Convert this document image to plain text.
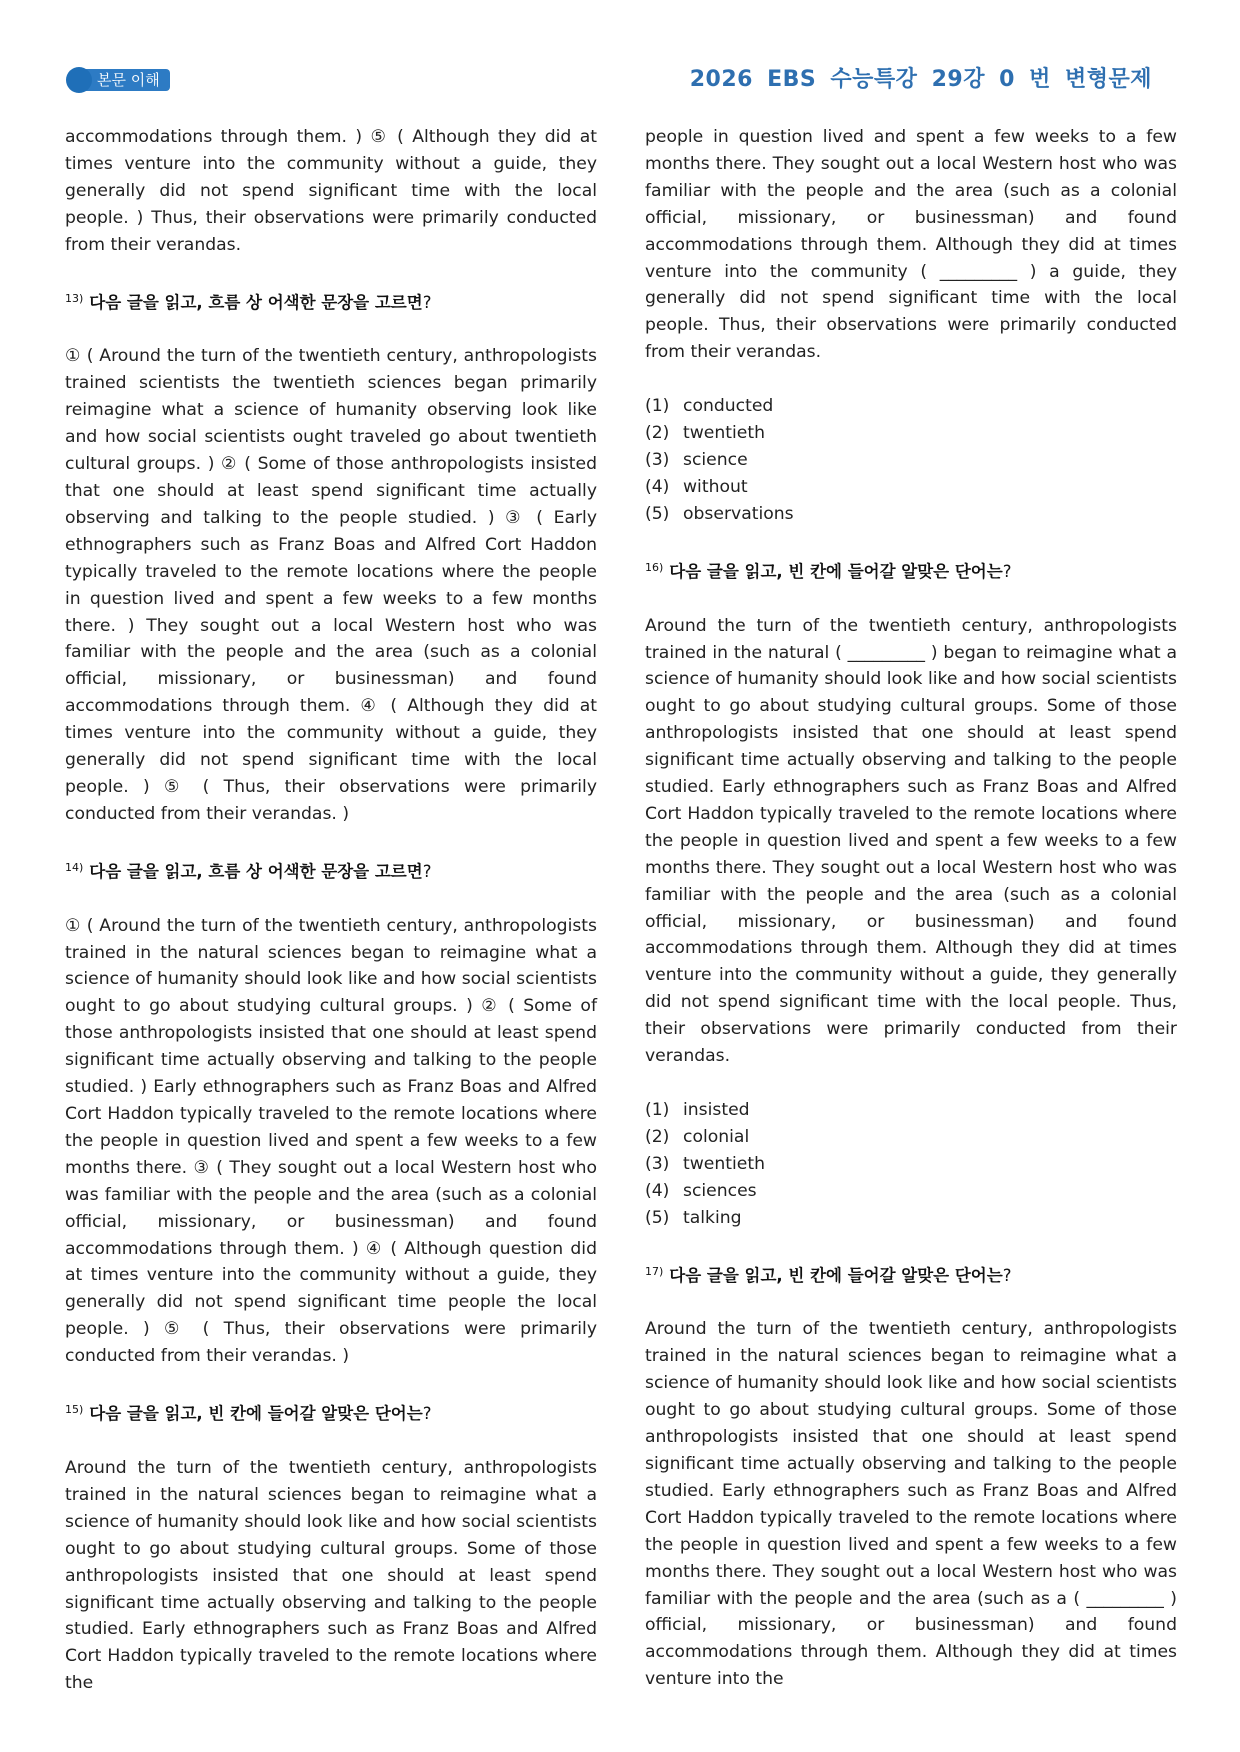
본문 이해	2026 EBS 수능특강 29강 0 번 변형문제

accommodations through them. ) ⑤ ( Although they did at times venture into the community without a guide, they generally did not spend significant time with the local people. ) Thus, their observations were primarily conducted from their verandas.

$^{13)}$ 다음 글을 읽고, 흐름 상 어색한 문장을 고르면?

① ( Around the turn of the twentieth century, anthropologists trained scientists the twentieth sciences began primarily reimagine what a science of humanity observing look like and how social scientists ought traveled go about twentieth cultural groups. ) ② ( Some of those anthropologists insisted that one should at least spend significant time actually observing and talking to the people studied. ) ③ ( Early ethnographers such as Franz Boas and Alfred Cort Haddon typically traveled to the remote locations where the people in question lived and spent a few weeks to a few months there. ) They sought out a local Western host who was familiar with the people and the area (such as a colonial official, missionary, or businessman) and found accommodations through them. ④ ( Although they did at times venture into the community without a guide, they generally did not spend significant time with the local people. ) ⑤ ( Thus, their observations were primarily conducted from their verandas. )

$^{14)}$ 다음 글을 읽고, 흐름 상 어색한 문장을 고르면?

① ( Around the turn of the twentieth century, anthropologists trained in the natural sciences began to reimagine what a science of humanity should look like and how social scientists ought to go about studying cultural groups. ) ② ( Some of those anthropologists insisted that one should at least spend significant time actually observing and talking to the people studied. ) Early ethnographers such as Franz Boas and Alfred Cort Haddon typically traveled to the remote locations where the people in question lived and spent a few weeks to a few months there. ③ ( They sought out a local Western host who was familiar with the people and the area (such as a colonial official, missionary, or businessman) and found accommodations through them. ) ④ ( Although question did at times venture into the community without a guide, they generally did not spend significant time people the local people. ) ⑤ ( Thus, their observations were primarily conducted from their verandas. )

$^{15)}$ 다음 글을 읽고, 빈 칸에 들어갈 알맞은 단어는?

Around the turn of the twentieth century, anthropologists trained in the natural sciences began to reimagine what a science of humanity should look like and how social scientists ought to go about studying cultural groups. Some of those anthropologists insisted that one should at least spend significant time actually observing and talking to the people studied. Early ethnographers such as Franz Boas and Alfred Cort Haddon typically traveled to the remote locations where the

people in question lived and spent a few weeks to a few months there. They sought out a local Western host who was familiar with the people and the area (such as a colonial official, missionary, or businessman) and found accommodations through them. Although they did at times venture into the community ( _________ ) a guide, they generally did not spend significant time with the local people. Thus, their observations were primarily conducted from their verandas.

(1) conducted

(2) twentieth

(3) science

(4) without

(5) observations

$^{16)}$ 다음 글을 읽고, 빈 칸에 들어갈 알맞은 단어는?

Around the turn of the twentieth century, anthropologists trained in the natural ( _________ ) began to reimagine what a science of humanity should look like and how social scientists ought to go about studying cultural groups. Some of those anthropologists insisted that one should at least spend significant time actually observing and talking to the people studied. Early ethnographers such as Franz Boas and Alfred Cort Haddon typically traveled to the remote locations where the people in question lived and spent a few weeks to a few months there. They sought out a local Western host who was familiar with the people and the area (such as a colonial official, missionary, or businessman) and found accommodations through them. Although they did at times venture into the community without a guide, they generally did not spend significant time with the local people. Thus, their observations were primarily conducted from their verandas.

(1) insisted

(2) colonial

(3) twentieth

(4) sciences

(5) talking

$^{17)}$ 다음 글을 읽고, 빈 칸에 들어갈 알맞은 단어는?

Around the turn of the twentieth century, anthropologists trained in the natural sciences began to reimagine what a science of humanity should look like and how social scientists ought to go about studying cultural groups. Some of those anthropologists insisted that one should at least spend significant time actually observing and talking to the people studied. Early ethnographers such as Franz Boas and Alfred Cort Haddon typically traveled to the remote locations where the people in question lived and spent a few weeks to a few months there. They sought out a local Western host who was familiar with the people and the area (such as a ( _________ ) official, missionary, or businessman) and found accommodations through them. Although they did at times venture into the
